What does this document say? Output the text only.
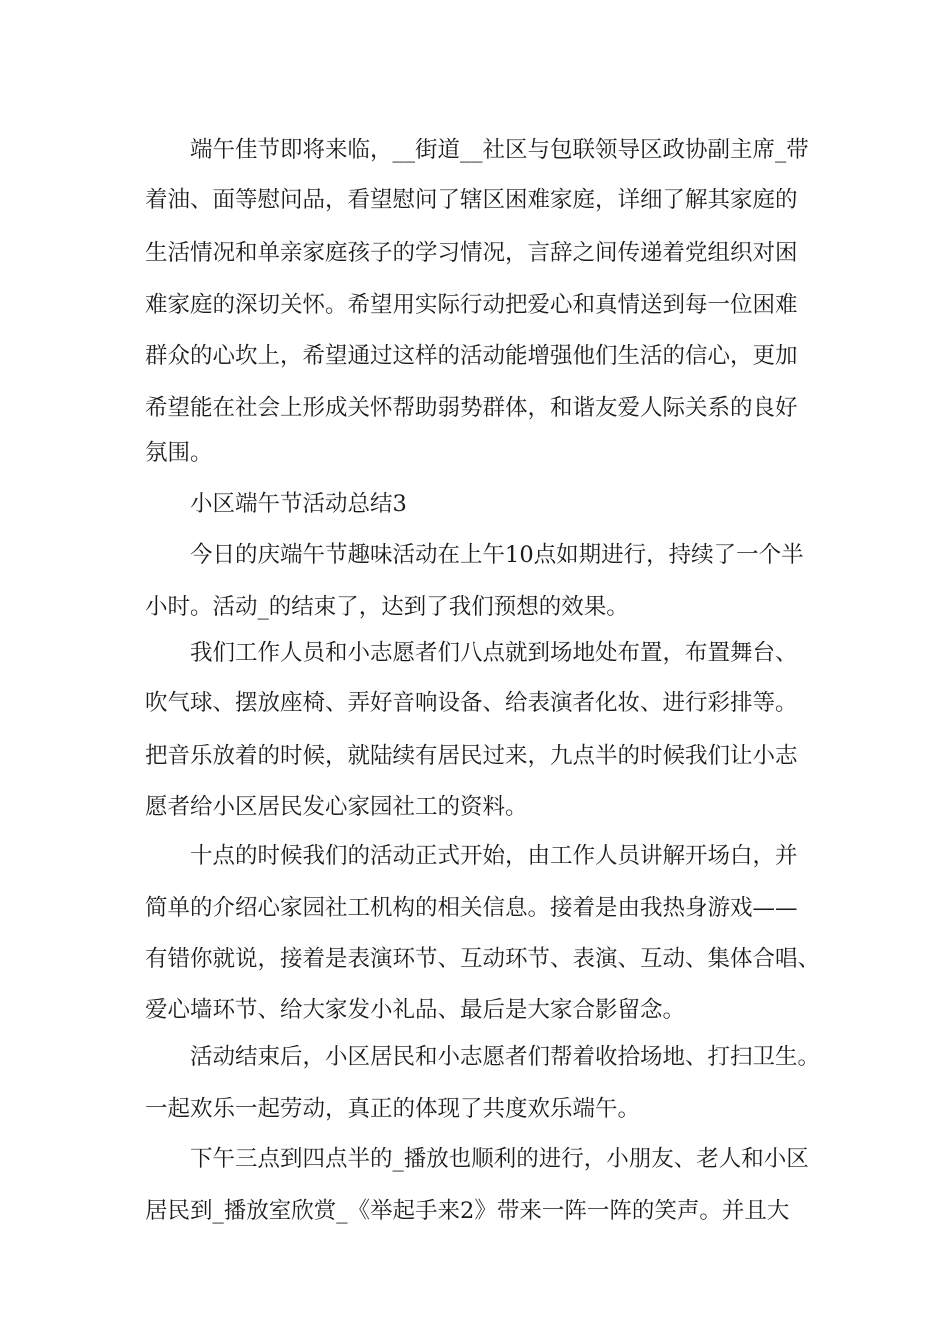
端午佳节即将来临，__街道__社区与包联领导区政协副主席_带
着油、面等慰问品，看望慰问了辖区困难家庭，详细了解其家庭的
生活情况和单亲家庭孩子的学习情况，言辞之间传递着党组织对困
难家庭的深切关怀。希望用实际行动把爱心和真情送到每一位困难
群众的心坎上，希望通过这样的活动能增强他们生活的信心，更加
希望能在社会上形成关怀帮助弱势群体，和谐友爱人际关系的良好
氛围。
小区端午节活动总结3
今日的庆端午节趣味活动在上午10点如期进行，持续了一个半
小时。活动_的结束了，达到了我们预想的效果。
我们工作人员和小志愿者们八点就到场地处布置，布置舞台、
吹气球、摆放座椅、弄好音响设备、给表演者化妆、进行彩排等。
把音乐放着的时候，就陆续有居民过来，九点半的时候我们让小志
愿者给小区居民发心家园社工的资料。
十点的时候我们的活动正式开始，由工作人员讲解开场白，并
简单的介绍心家园社工机构的相关信息。接着是由我热身游戏——
有错你就说，接着是表演环节、互动环节、表演、互动、集体合唱、
爱心墙环节、给大家发小礼品、最后是大家合影留念。
活动结束后，小区居民和小志愿者们帮着收拾场地、打扫卫生。
一起欢乐一起劳动，真正的体现了共度欢乐端午。
下午三点到四点半的_播放也顺利的进行，小朋友、老人和小区
居民到_播放室欣赏_《举起手来2》带来一阵一阵的笑声。并且大
